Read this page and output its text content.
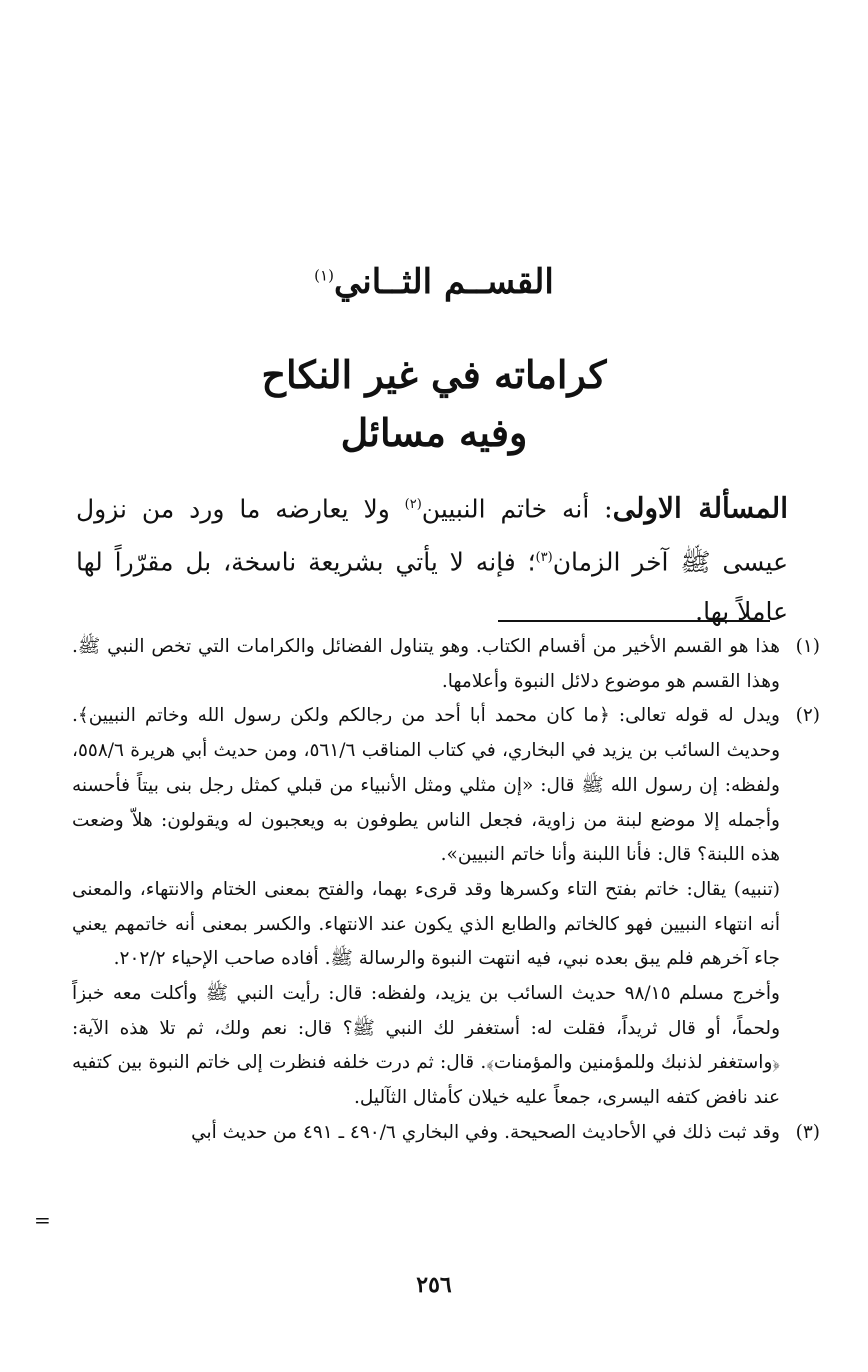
القســم الثــاني$^{(١)}$
كراماته في غير النكاح
وفيه مسائل
المسألة الاولى: أنه خاتم النبيين$^{(٢)}$ ولا يعارضه ما ورد من نزول عيسى ﷺ آخر الزمان$^{(٣)}$؛ فإنه لا يأتي بشريعة ناسخة، بل مقرّراً لها عاملاً بها.
(١)
هذا هو القسم الأخير من أقسام الكتاب. وهو يتناول الفضائل والكرامات التي تخص النبي ﷺ. وهذا القسم هو موضوع دلائل النبوة وأعلامها.
(٢)
ويدل له قوله تعالى: ﴿ما كان محمد أبا أحد من رجالكم ولكن رسول الله وخاتم النبيين﴾. وحديث السائب بن يزيد في البخاري، في كتاب المناقب ٥٦١/٦، ومن حديث أبي هريرة ٥٥٨/٦، ولفظه: إن رسول الله ﷺ قال: «إن مثلي ومثل الأنبياء من قبلي كمثل رجل بنى بيتاً فأحسنه وأجمله إلا موضع لبنة من زاوية، فجعل الناس يطوفون به ويعجبون له ويقولون: هلاّ وضعت هذه اللبنة؟ قال: فأنا اللبنة وأنا خاتم النبيين».

(تنبيه) يقال: خاتم بفتح التاء وكسرها وقد قرىء بهما، والفتح بمعنى الختام والانتهاء، والمعنى أنه انتهاء النبيين فهو كالخاتم والطابع الذي يكون عند الانتهاء. والكسر بمعنى أنه خاتمهم يعني جاء آخرهم فلم يبق بعده نبي، فيه انتهت النبوة والرسالة ﷺ. أفاده صاحب الإحياء ٢٠٢/٢.

وأخرج مسلم ٩٨/١٥ حديث السائب بن يزيد، ولفظه: قال: رأيت النبي ﷺ وأكلت معه خبزاً ولحماً، أو قال ثريداً، فقلت له: أستغفر لك النبي ﷺ؟ قال: نعم ولك، ثم تلا هذه الآية: ﴿واستغفر لذنبك وللمؤمنين والمؤمنات﴾. قال: ثم درت خلفه فنظرت إلى خاتم النبوة بين كتفيه عند نافض كتفه اليسرى، جمعاً عليه خيلان كأمثال الثآليل.

(٣)
وقد ثبت ذلك في الأحاديث الصحيحة. وفي البخاري ٤٩٠/٦ ـ ٤٩١ من حديث أبي
=
٢٥٦
